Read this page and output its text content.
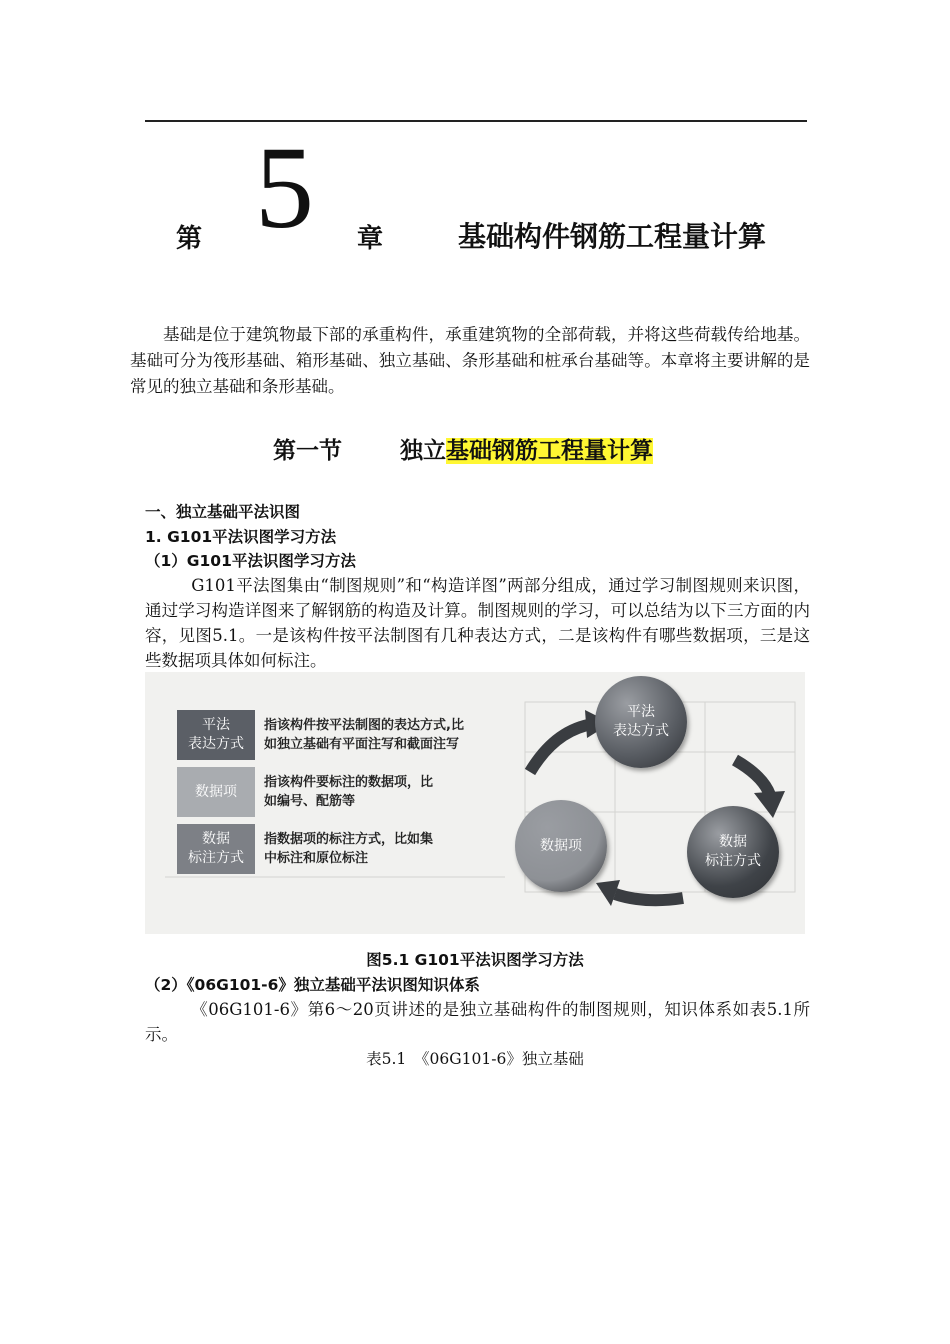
第 5 章	基础构件钢筋工程量计算
基础是位于建筑物最下部的承重构件，承重建筑物的全部荷载，并将这些荷载传给地基。基础可分为筏形基础、箱形基础、独立基础、条形基础和桩承台基础等。本章将主要讲解的是常见的独立基础和条形基础。
第一节	独立基础钢筋工程量计算
一、独立基础平法识图
1. G101平法识图学习方法
（1）G101平法识图学习方法
G101平法图集由“制图规则”和“构造详图”两部分组成，通过学习制图规则来识图，通过学习构造详图来了解钢筋的构造及计算。制图规则的学习，可以总结为以下三方面的内容，见图5.1。一是该构件按平法制图有几种表达方式，二是该构件有哪些数据项，三是这些数据项具体如何标注。
平法
表达方式
指该构件按平法制图的表达方式,比
如独立基础有平面注写和截面注写
数据项
指该构件要标注的数据项，比
如编号、配筋等
数据
标注方式
指数据项的标注方式，比如集
中标注和原位标注
平法
表达方式
数据
标注方式
数据项
图5.1 G101平法识图学习方法
（2）《06G101-6》独立基础平法识图知识体系
《06G101-6》第6～20页讲述的是独立基础构件的制图规则，知识体系如表5.1所示。
表5.1　《06G101-6》独立基础
